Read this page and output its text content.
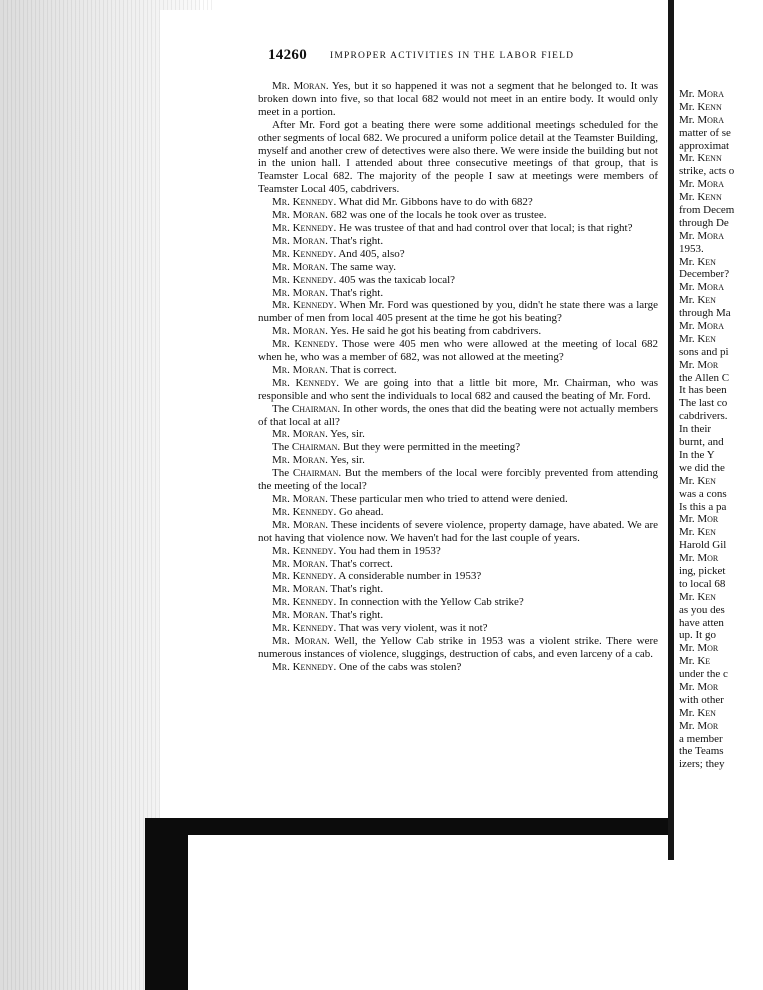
14260 IMPROPER ACTIVITIES IN THE LABOR FIELD

Mr. Moran. Yes, but it so happened it was not a segment that he belonged to. It was broken down into five, so that local 682 would not meet in an entire body. It would only meet in a portion.

After Mr. Ford got a beating there were some additional meetings scheduled for the other segments of local 682. We procured a uniform police detail at the Teamster Building, myself and another crew of detectives were also there. We were inside the building but not in the union hall. I attended about three consecutive meetings of that group, that is Teamster Local 682. The majority of the people I saw at meetings were members of Teamster Local 405, cabdrivers.

Mr. Kennedy. What did Mr. Gibbons have to do with 682?

Mr. Moran. 682 was one of the locals he took over as trustee.

Mr. Kennedy. He was trustee of that and had control over that local; is that right?

Mr. Moran. That's right.

Mr. Kennedy. And 405, also?

Mr. Moran. The same way.

Mr. Kennedy. 405 was the taxicab local?

Mr. Moran. That's right.

Mr. Kennedy. When Mr. Ford was questioned by you, didn't he state there was a large number of men from local 405 present at the time he got his beating?

Mr. Moran. Yes. He said he got his beating from cabdrivers.

Mr. Kennedy. Those were 405 men who were allowed at the meeting of local 682 when he, who was a member of 682, was not allowed at the meeting?

Mr. Moran. That is correct.

Mr. Kennedy. We are going into that a little bit more, Mr. Chairman, who was responsible and who sent the individuals to local 682 and caused the beating of Mr. Ford.

The Chairman. In other words, the ones that did the beating were not actually members of that local at all?

Mr. Moran. Yes, sir.

The Chairman. But they were permitted in the meeting?

Mr. Moran. Yes, sir.

The Chairman. But the members of the local were forcibly prevented from attending the meeting of the local?

Mr. Moran. These particular men who tried to attend were denied.

Mr. Kennedy. Go ahead.

Mr. Moran. These incidents of severe violence, property damage, have abated. We are not having that violence now. We haven't had for the last couple of years.

Mr. Kennedy. You had them in 1953?

Mr. Moran. That's correct.

Mr. Kennedy. A considerable number in 1953?

Mr. Moran. That's right.

Mr. Kennedy. In connection with the Yellow Cab strike?

Mr. Moran. That's right.

Mr. Kennedy. That was very violent, was it not?

Mr. Moran. Well, the Yellow Cab strike in 1953 was a violent strike. There were numerous instances of violence, sluggings, destruction of cabs, and even larceny of a cab.

Mr. Kennedy. One of the cabs was stolen?

Mr. Mora
Mr. Kenn
Mr. Mora
matter of se
approximat
Mr. Kenn
strike, acts o
Mr. Mora
Mr. Kenn
from Decem
through De
Mr. Mora
1953.
Mr. Ken
December?
Mr. Mora
Mr. Ken
through Ma
Mr. Mora
Mr. Ken
sons and pi
Mr. Mor
the Allen C
It has been
The last co
cabdrivers.
In their
burnt, and
In the Y
we did the
Mr. Ken
was a cons
Is this a pa
Mr. Mor
Mr. Ken
Harold Gil
Mr. Mor
ing, picket
to local 68
Mr. Ken
as you des
have atten
up. It go
Mr. Mor
Mr. Ke
under the c
Mr. Mor
with other
Mr. Ken
Mr. Mor
a member
the Teams
izers; they
